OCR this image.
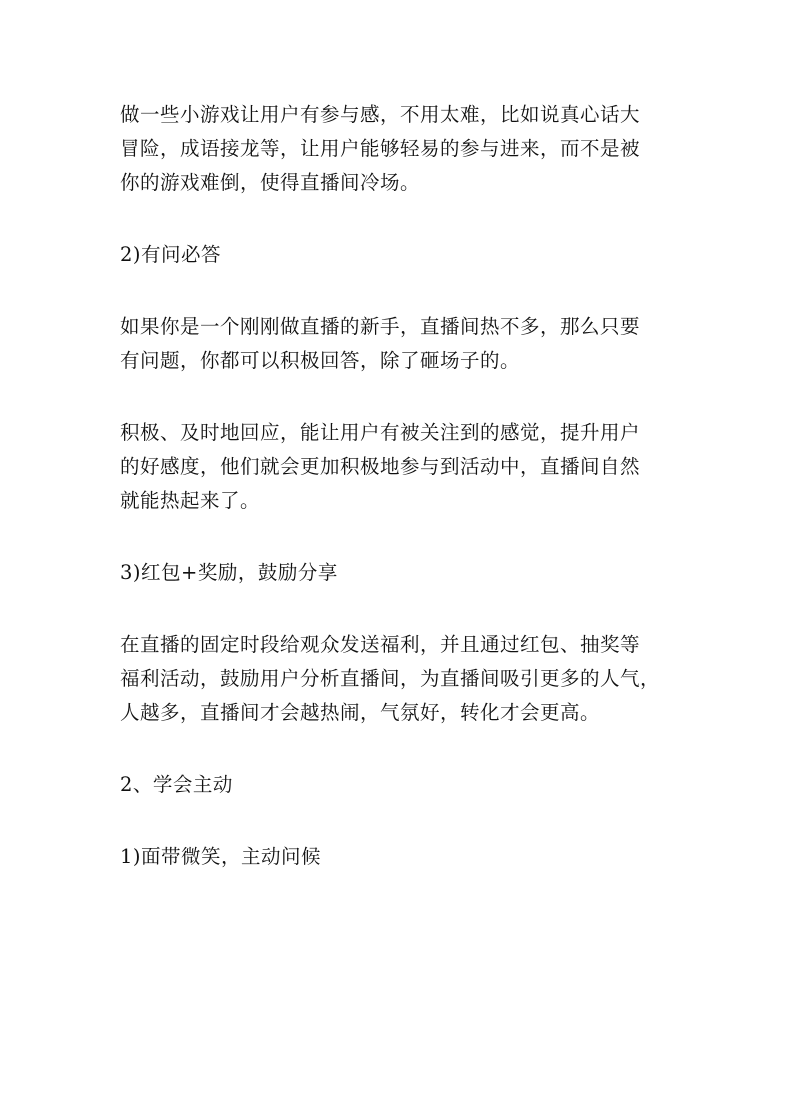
做一些小游戏让用户有参与感，不用太难，比如说真心话大
冒险，成语接龙等，让用户能够轻易的参与进来，而不是被
你的游戏难倒，使得直播间冷场。

2)有问必答

如果你是一个刚刚做直播的新手，直播间热不多，那么只要
有问题，你都可以积极回答，除了砸场子的。

积极、及时地回应，能让用户有被关注到的感觉，提升用户
的好感度，他们就会更加积极地参与到活动中，直播间自然
就能热起来了。

3)红包+奖励，鼓励分享

在直播的固定时段给观众发送福利，并且通过红包、抽奖等
福利活动，鼓励用户分析直播间，为直播间吸引更多的人气，
人越多，直播间才会越热闹，气氛好，转化才会更高。

2、学会主动

1)面带微笑，主动问候
